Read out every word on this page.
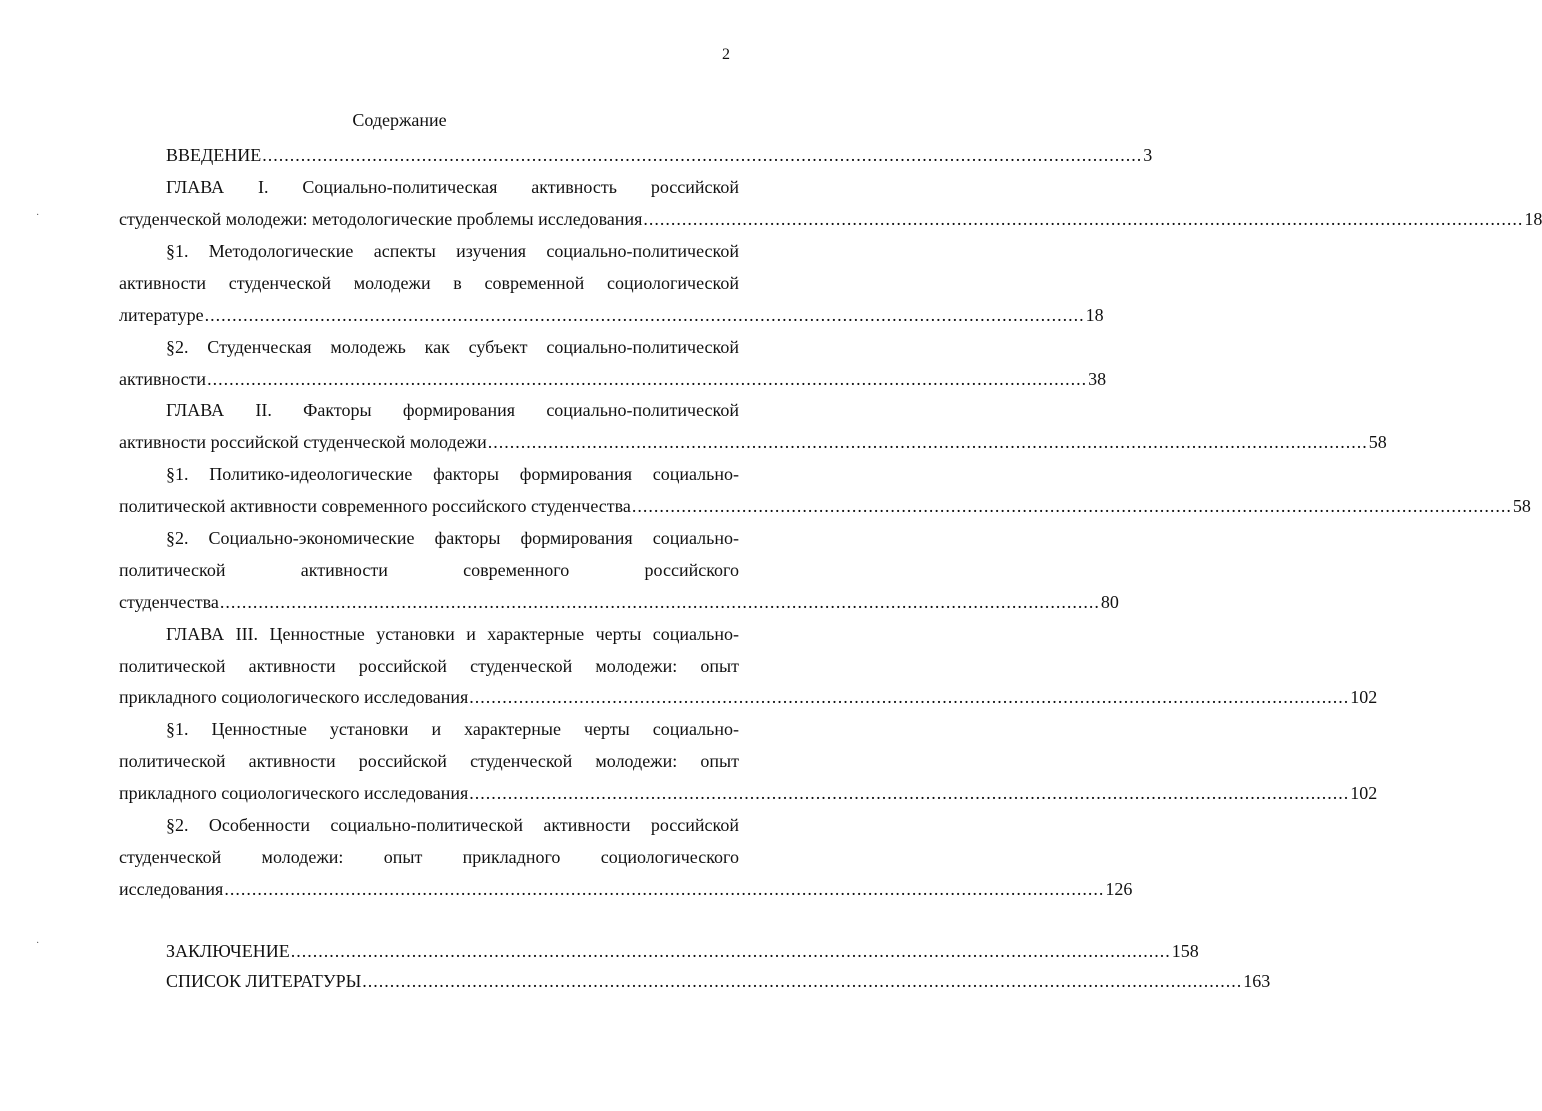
2
Содержание
ВВЕДЕНИЕ ................................................................................................................................................................ 3
ГЛАВА I. Социально-политическая активность российской
студенческой молодежи: методологические проблемы исследования ................................................................................................................................................................ 18
§1. Методологические аспекты изучения социально-политической
активности студенческой молодежи в современной социологической
литературе ................................................................................................................................................................ 18
§2. Студенческая молодежь как субъект социально-политической
активности ................................................................................................................................................................ 38
ГЛАВА II. Факторы формирования социально-политической
активности российской студенческой молодежи ................................................................................................................................................................ 58
§1. Политико-идеологические факторы формирования социально-
политической активности современного российского студенчества ................................................................................................................................................................ 58
§2. Социально-экономические факторы формирования социально-
политической активности современного российского
студенчества ................................................................................................................................................................ 80
ГЛАВА III. Ценностные установки и характерные черты социально-
политической активности российской студенческой молодежи: опыт
прикладного социологического исследования ................................................................................................................................................................ 102
§1. Ценностные установки и характерные черты социально-
политической активности российской студенческой молодежи: опыт
прикладного социологического исследования ................................................................................................................................................................ 102
§2. Особенности социально-политической активности российской
студенческой молодежи: опыт прикладного социологического
исследования ................................................................................................................................................................ 126
ЗАКЛЮЧЕНИЕ ................................................................................................................................................................ 158
СПИСОК ЛИТЕРАТУРЫ ................................................................................................................................................................ 163
·
·
